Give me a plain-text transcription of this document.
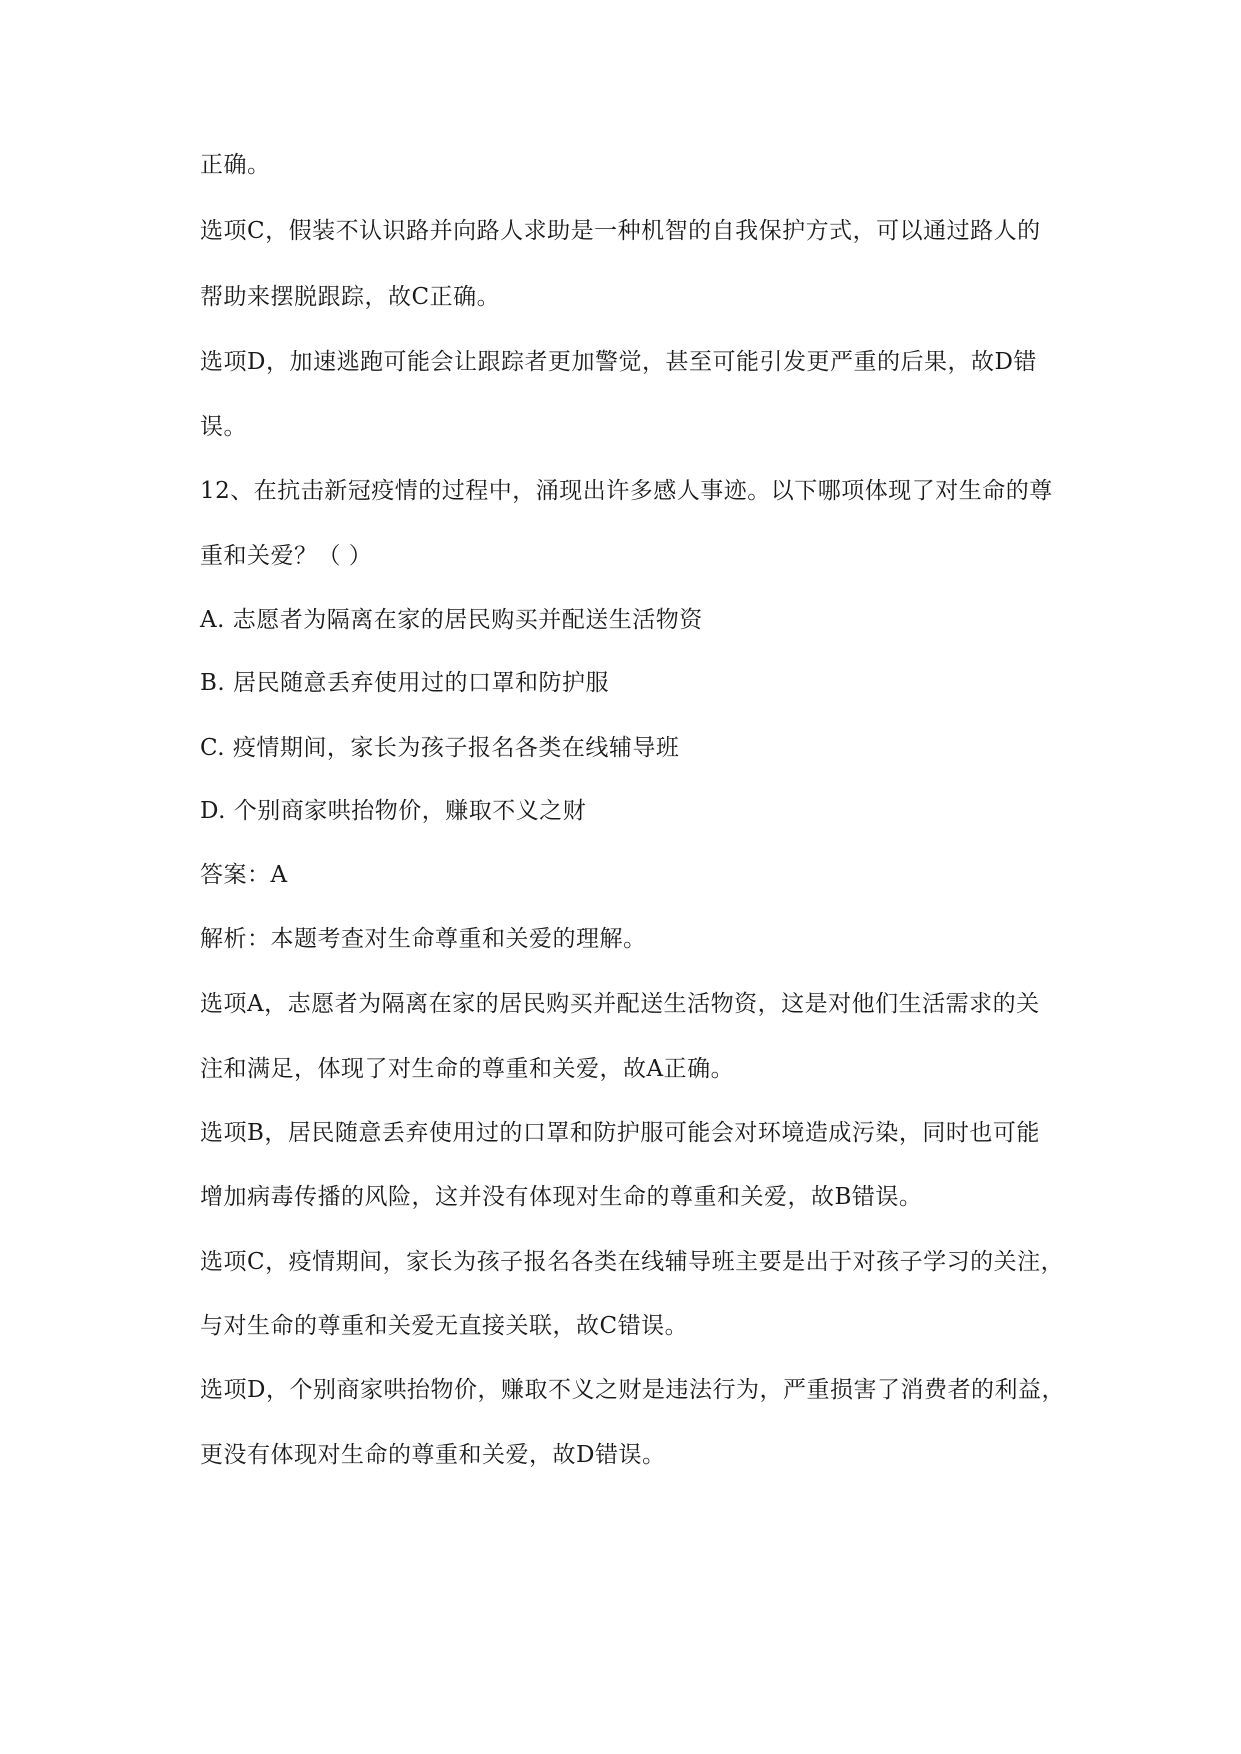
正确。
选项C，假装不认识路并向路人求助是一种机智的自我保护方式，可以通过路人的
帮助来摆脱跟踪，故C正确。
选项D，加速逃跑可能会让跟踪者更加警觉，甚至可能引发更严重的后果，故D错
误。
12、在抗击新冠疫情的过程中，涌现出许多感人事迹。以下哪项体现了对生命的尊
重和关爱？（ ）
A. 志愿者为隔离在家的居民购买并配送生活物资
B. 居民随意丢弃使用过的口罩和防护服
C. 疫情期间，家长为孩子报名各类在线辅导班
D. 个别商家哄抬物价，赚取不义之财
答案：A
解析：本题考查对生命尊重和关爱的理解。
选项A，志愿者为隔离在家的居民购买并配送生活物资，这是对他们生活需求的关
注和满足，体现了对生命的尊重和关爱，故A正确。
选项B，居民随意丢弃使用过的口罩和防护服可能会对环境造成污染，同时也可能
增加病毒传播的风险，这并没有体现对生命的尊重和关爱，故B错误。
选项C，疫情期间，家长为孩子报名各类在线辅导班主要是出于对孩子学习的关注，
与对生命的尊重和关爱无直接关联，故C错误。
选项D，个别商家哄抬物价，赚取不义之财是违法行为，严重损害了消费者的利益，
更没有体现对生命的尊重和关爱，故D错误。
